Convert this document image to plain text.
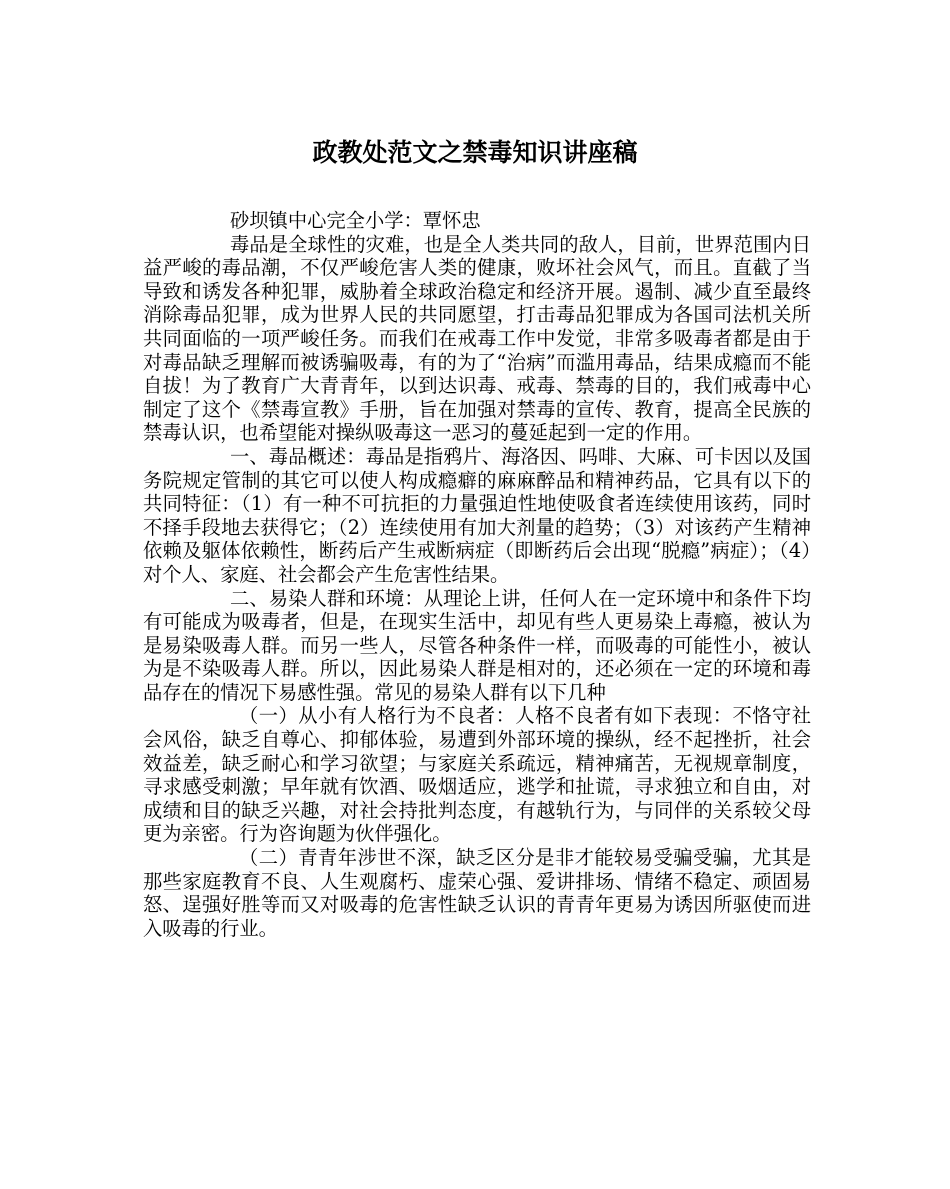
政教处范文之禁毒知识讲座稿

砂坝镇中心完全小学：覃怀忠

毒品是全球性的灾难，也是全人类共同的敌人，目前，世界范围内日益严峻的毒品潮，不仅严峻危害人类的健康，败坏社会风气，而且。直截了当导致和诱发各种犯罪，威胁着全球政治稳定和经济开展。遏制、减少直至最终消除毒品犯罪，成为世界人民的共同愿望，打击毒品犯罪成为各国司法机关所共同面临的一项严峻任务。而我们在戒毒工作中发觉，非常多吸毒者都是由于对毒品缺乏理解而被诱骗吸毒，有的为了“治病”而滥用毒品，结果成瘾而不能自拔！为了教育广大青青年，以到达识毒、戒毒、禁毒的目的，我们戒毒中心制定了这个《禁毒宣教》手册，旨在加强对禁毒的宣传、教育，提高全民族的禁毒认识，也希望能对操纵吸毒这一恶习的蔓延起到一定的作用。

一、毒品概述：毒品是指鸦片、海洛因、吗啡、大麻、可卡因以及国务院规定管制的其它可以使人构成瘾癖的麻麻醉品和精神药品，它具有以下的共同特征：（1）有一种不可抗拒的力量强迫性地使吸食者连续使用该药，同时不择手段地去获得它；（2）连续使用有加大剂量的趋势；（3）对该药产生精神依赖及躯体依赖性，断药后产生戒断病症（即断药后会出现“脱瘾”病症）；（4）对个人、家庭、社会都会产生危害性结果。

二、易染人群和环境：从理论上讲，任何人在一定环境中和条件下均有可能成为吸毒者，但是，在现实生活中，却见有些人更易染上毒瘾，被认为是易染吸毒人群。而另一些人，尽管各种条件一样，而吸毒的可能性小，被认为是不染吸毒人群。所以，因此易染人群是相对的，还必须在一定的环境和毒品存在的情况下易感性强。常见的易染人群有以下几种

（一）从小有人格行为不良者：人格不良者有如下表现：不恪守社会风俗，缺乏自尊心、抑郁体验，易遭到外部环境的操纵，经不起挫折，社会效益差，缺乏耐心和学习欲望；与家庭关系疏远，精神痛苦，无视规章制度，寻求感受刺激；早年就有饮酒、吸烟适应，逃学和扯谎，寻求独立和自由，对成绩和目的缺乏兴趣，对社会持批判态度，有越轨行为，与同伴的关系较父母更为亲密。行为咨询题为伙伴强化。

（二）青青年涉世不深，缺乏区分是非才能较易受骗受骗，尤其是那些家庭教育不良、人生观腐朽、虚荣心强、爱讲排场、情绪不稳定、顽固易怒、逞强好胜等而又对吸毒的危害性缺乏认识的青青年更易为诱因所驱使而进入吸毒的行业。
